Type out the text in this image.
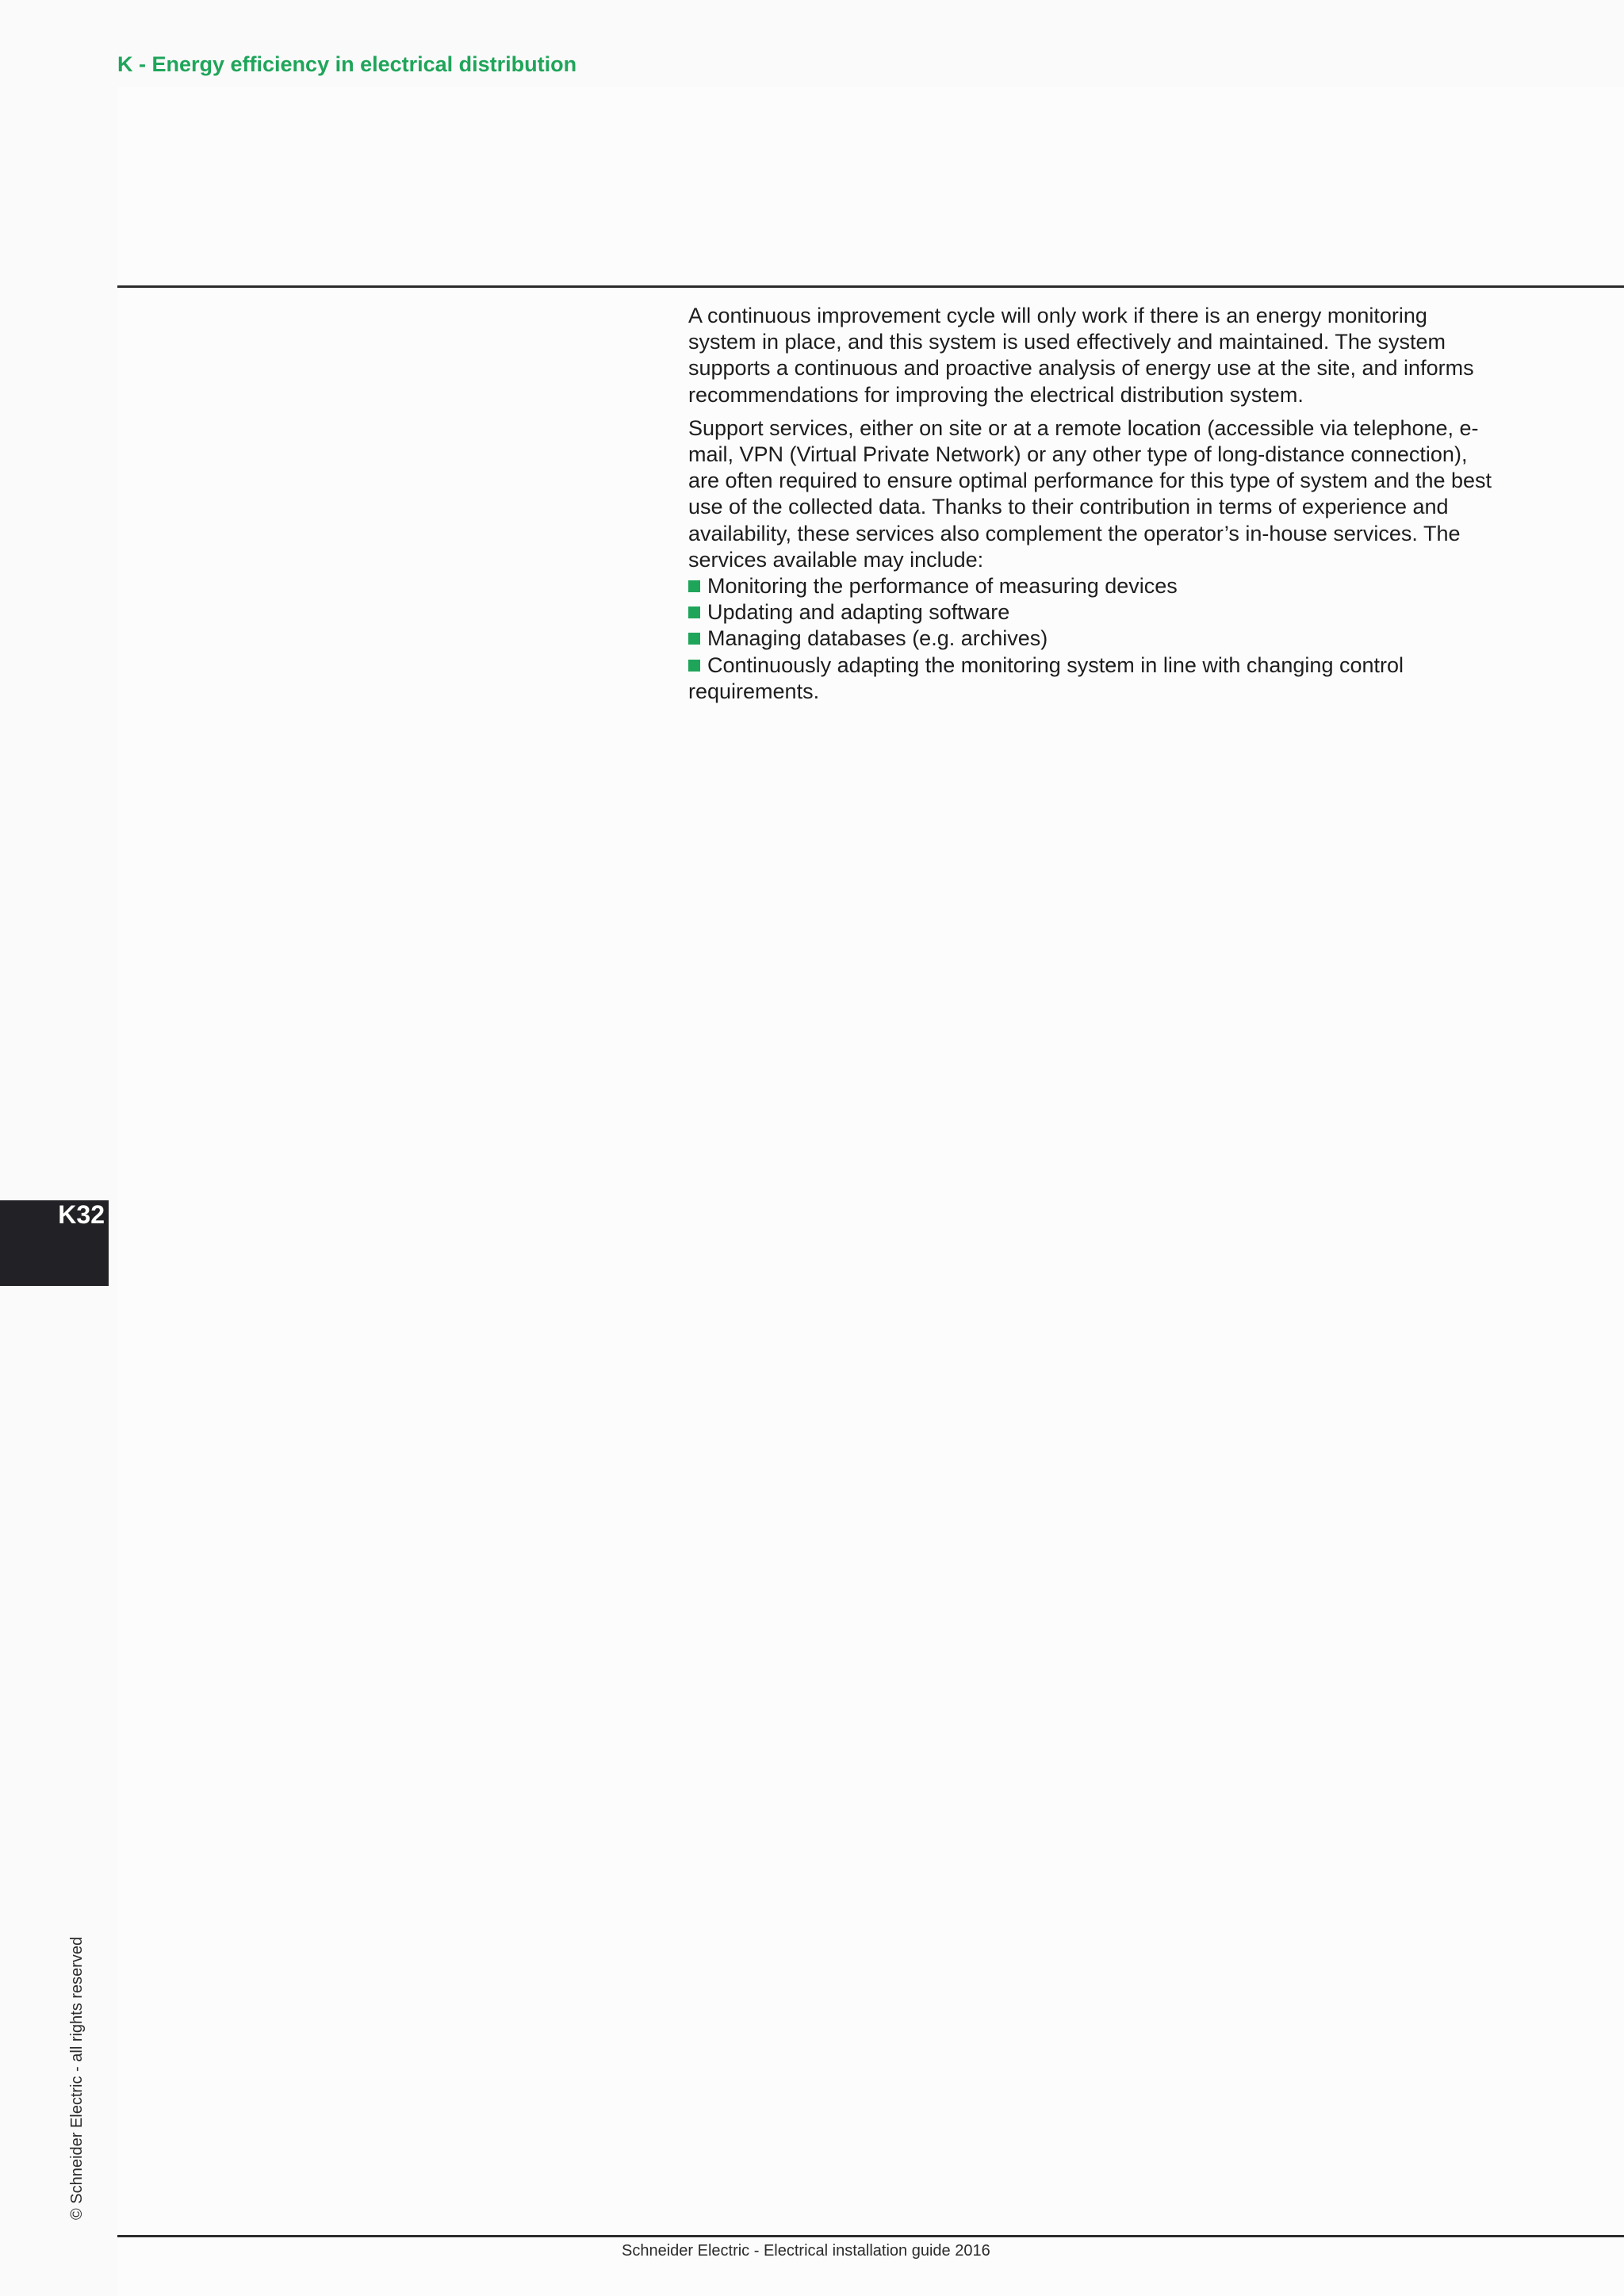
K - Energy efficiency in electrical distribution

A continuous improvement cycle will only work if there is an energy monitoring system in place, and this system is used effectively and maintained. The system supports a continuous and proactive analysis of energy use at the site, and informs recommendations for improving the electrical distribution system.

Support services, either on site or at a remote location (accessible via telephone, e-mail, VPN (Virtual Private Network) or any other type of long-distance connection), are often required to ensure optimal performance for this type of system and the best use of the collected data. Thanks to their contribution in terms of experience and availability, these services also complement the operator’s in-house services. The services available may include:

Monitoring the performance of measuring devices
Updating and adapting software
Managing databases (e.g. archives)
Continuously adapting the monitoring system in line with changing control requirements.
K32
© Schneider Electric - all rights reserved
Schneider Electric - Electrical installation guide 2016
